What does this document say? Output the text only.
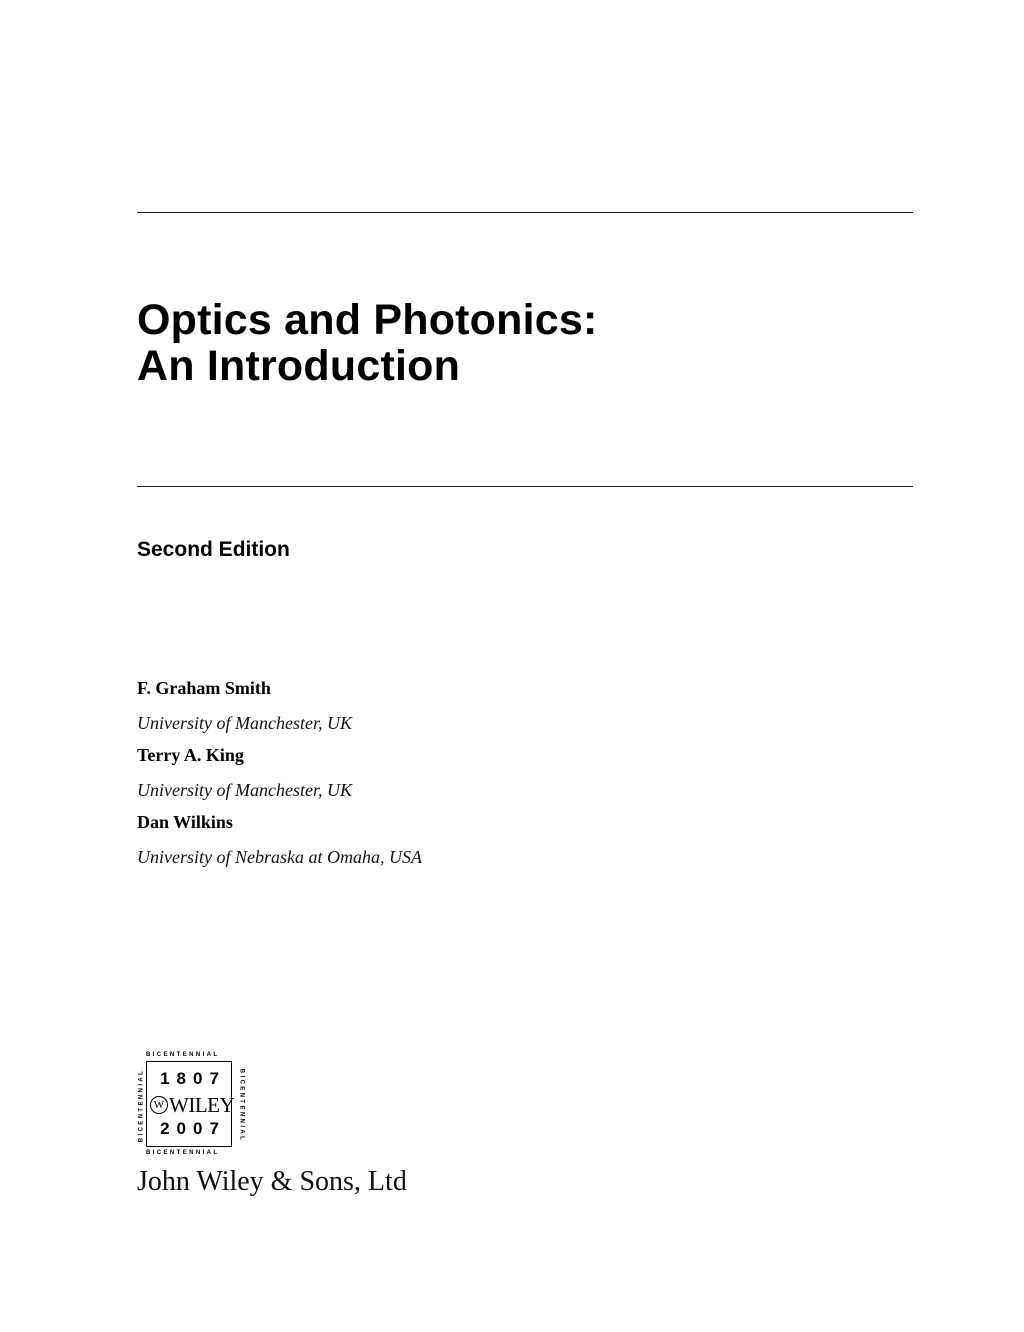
Optics and Photonics:
An Introduction
Second Edition
F. Graham Smith
University of Manchester, UK
Terry A. King
University of Manchester, UK
Dan Wilkins
University of Nebraska at Omaha, USA
BICENTENNIAL
BICENTENNIAL	BICENTENNIAL
BICENTENNIAL
1807
W WILEY
2007
John Wiley & Sons, Ltd
